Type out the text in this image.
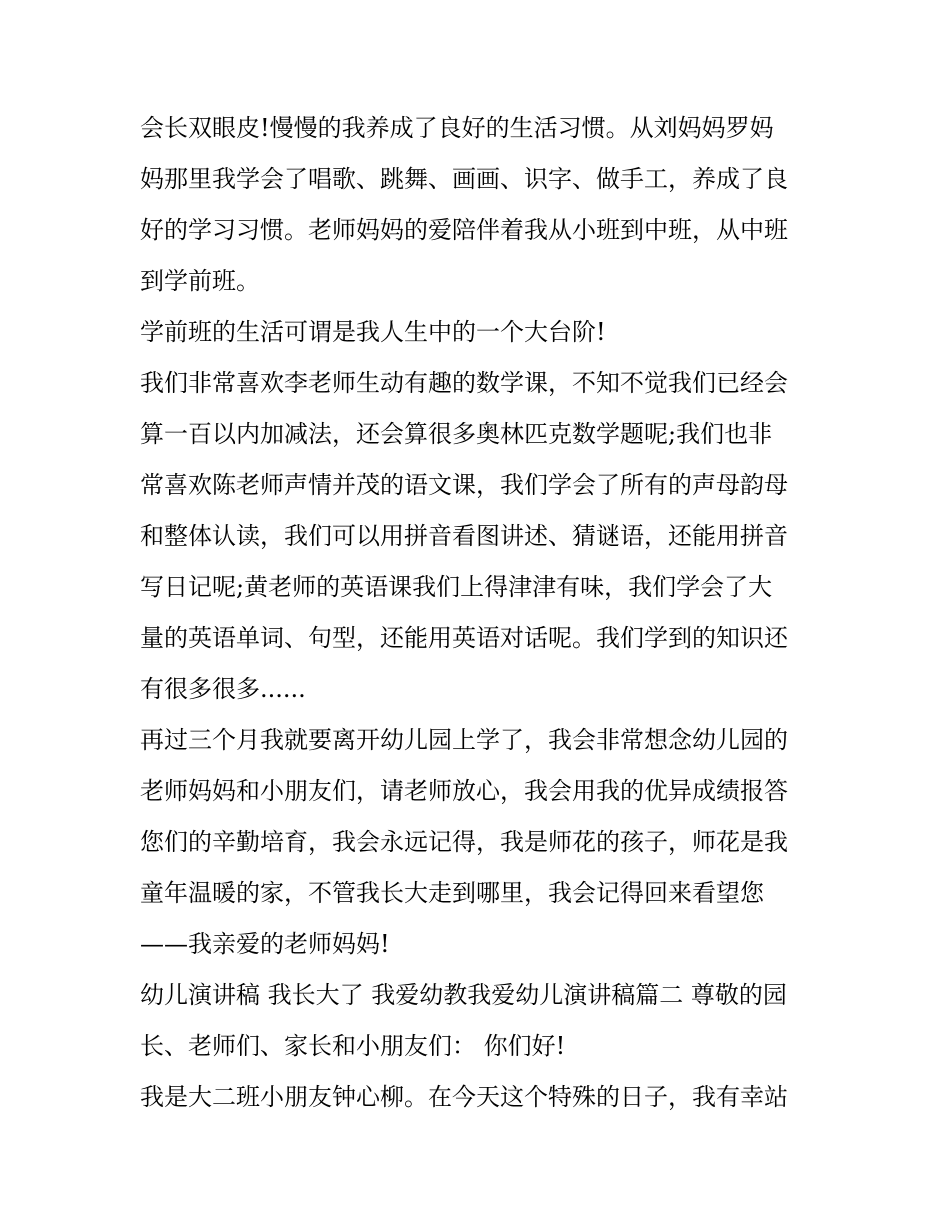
会长双眼皮!慢慢的我养成了良好的生活习惯。从刘妈妈罗妈
妈那里我学会了唱歌、跳舞、画画、识字、做手工，养成了良
好的学习习惯。老师妈妈的爱陪伴着我从小班到中班，从中班
到学前班。
学前班的生活可谓是我人生中的一个大台阶!
我们非常喜欢李老师生动有趣的数学课，不知不觉我们已经会
算一百以内加减法，还会算很多奥林匹克数学题呢;我们也非
常喜欢陈老师声情并茂的语文课，我们学会了所有的声母韵母
和整体认读，我们可以用拼音看图讲述、猜谜语，还能用拼音
写日记呢;黄老师的英语课我们上得津津有味，我们学会了大
量的英语单词、句型，还能用英语对话呢。我们学到的知识还
有很多很多......
再过三个月我就要离开幼儿园上学了，我会非常想念幼儿园的
老师妈妈和小朋友们，请老师放心，我会用我的优异成绩报答
您们的辛勤培育，我会永远记得，我是师花的孩子，师花是我
童年温暖的家，不管我长大走到哪里，我会记得回来看望您
——我亲爱的老师妈妈!
幼儿演讲稿 我长大了 我爱幼教我爱幼儿演讲稿篇二 尊敬的园
长、老师们、家长和小朋友们： 你们好!
我是大二班小朋友钟心柳。在今天这个特殊的日子，我有幸站
